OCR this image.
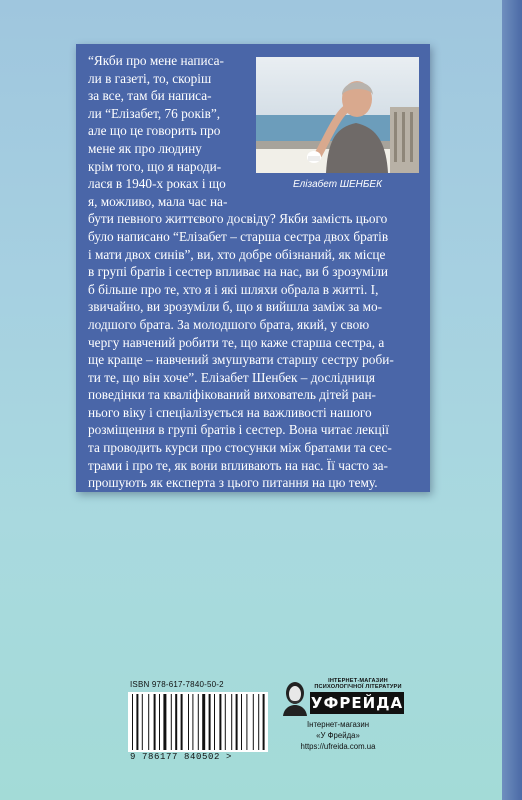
“Якби про мене написа-
ли в газеті, то, скоріш
за все, там би написа-
ли “Елізабет, 76 років”,
але що це говорить про
мене як про людину
крім того, що я народи-
лася в 1940-х роках і що
я, можливо, мала час на-
бути певного життєвого досвіду? Якби замість цього
було написано “Елізабет – старша сестра двох братів
і мати двох синів”, ви, хто добре обізнаний, як місце
в групі братів і сестер впливає на нас, ви б зрозуміли
б більше про те, хто я і які шляхи обрала в житті. І,
звичайно, ви зрозуміли б, що я вийшла заміж за мо-
лодшого брата. За молодшого брата, який, у свою
чергу навчений робити те, що каже старша сестра, а
ще краще – навчений змушувати старшу сестру роби-
ти те, що він хоче”. Елізабет Шенбек – дослідниця
поведінки та кваліфікований вихователь дітей ран-
нього віку і спеціалізується на важливості нашого
розміщення в групі братів і сестер. Вона читає лекції
та проводить курси про стосунки між братами та сес-
трами і про те, як вони впливають на нас. Її часто за-
прошують як експерта з цього питання на цю тему.
Елізабет ШЕНБЕК
ISBN 978-617-7840-50-2
9 786177 840502 >
ІНТЕРНЕТ-МАГАЗИН ПСИХОЛОГІЧНОЇ ЛІТЕРАТУРИ
УФРЕЙДА
Інтернет-магазин
«У Фрейда»
https://ufreida.com.ua
